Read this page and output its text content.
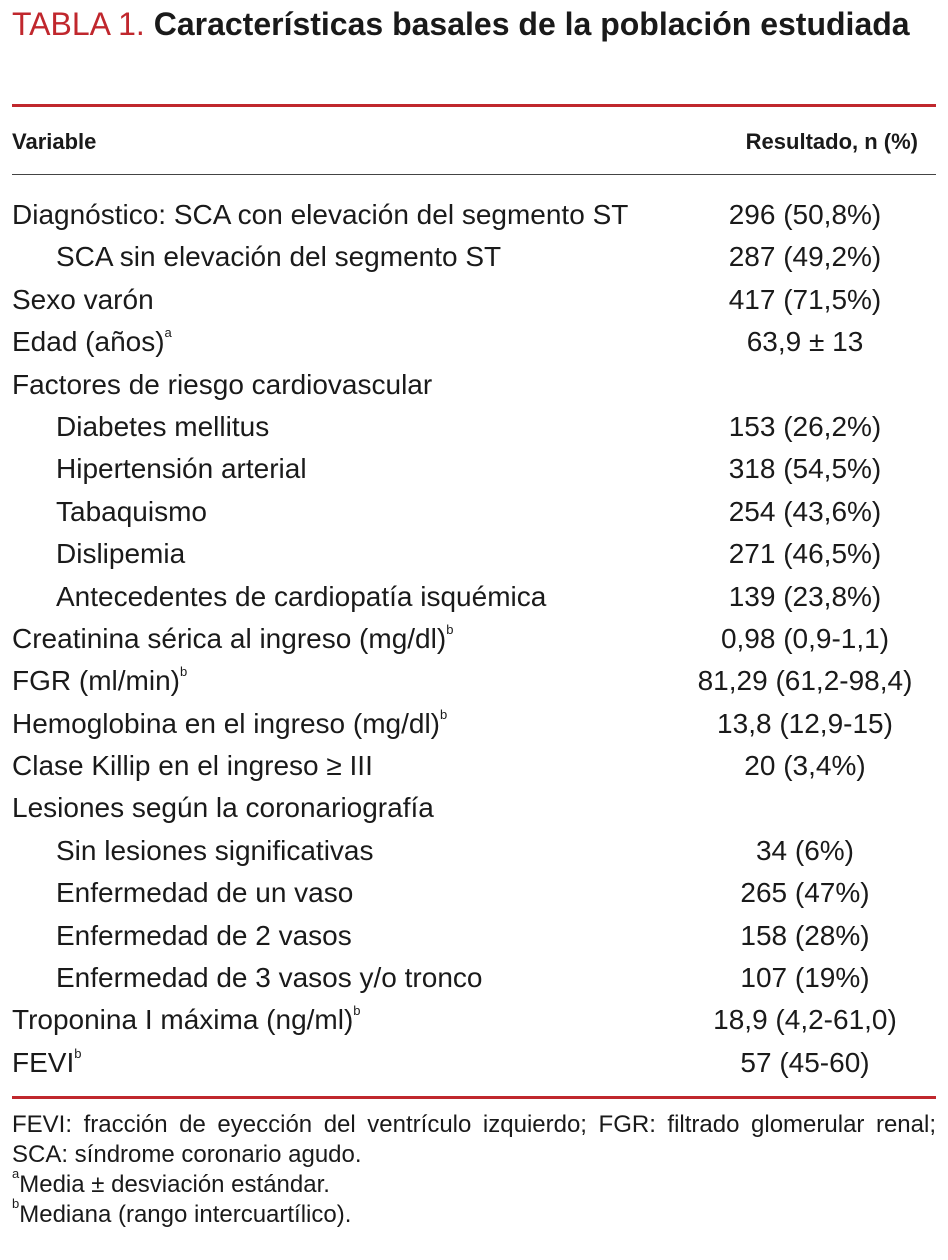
TABLA 1. Características basales de la población estudiada
Variable	Resultado, n (%)
Diagnóstico: SCA con elevación del segmento ST	296 (50,8%)
SCA sin elevación del segmento ST	287 (49,2%)
Sexo varón	417 (71,5%)
Edad (años)$^a$	63,9 ± 13
Factores de riesgo cardiovascular
Diabetes mellitus	153 (26,2%)
Hipertensión arterial	318 (54,5%)
Tabaquismo	254 (43,6%)
Dislipemia	271 (46,5%)
Antecedentes de cardiopatía isquémica	139 (23,8%)
Creatinina sérica al ingreso $(mg/dl)^b$	0,98 (0,9-1,1)
FGR $(ml/\min)^b$	81,29 (61,2-98,4)
Hemoglobina en el ingreso $(mg/dl)^b$	13,8 (12,9-15)
Clase Killip en el ingreso ≥ III	20 (3,4%)
Lesiones según la coronariografía
Sin lesiones significativas	34 (6%)
Enfermedad de un vaso	265 (47%)
Enfermedad de 2 vasos	158 (28%)
Enfermedad de 3 vasos y/o tronco	107 (19%)
Troponina I máxima $(ng/ml)^b$	18,9 (4,2-61,0)
FEVI$^b$	57 (45-60)

FEVI: fracción de eyección del ventrículo izquierdo; FGR: filtrado glomerular renal; SCA: síndrome coronario agudo.

$^a$Media ± desviación estándar.

$^b$Mediana (rango intercuartílico).
